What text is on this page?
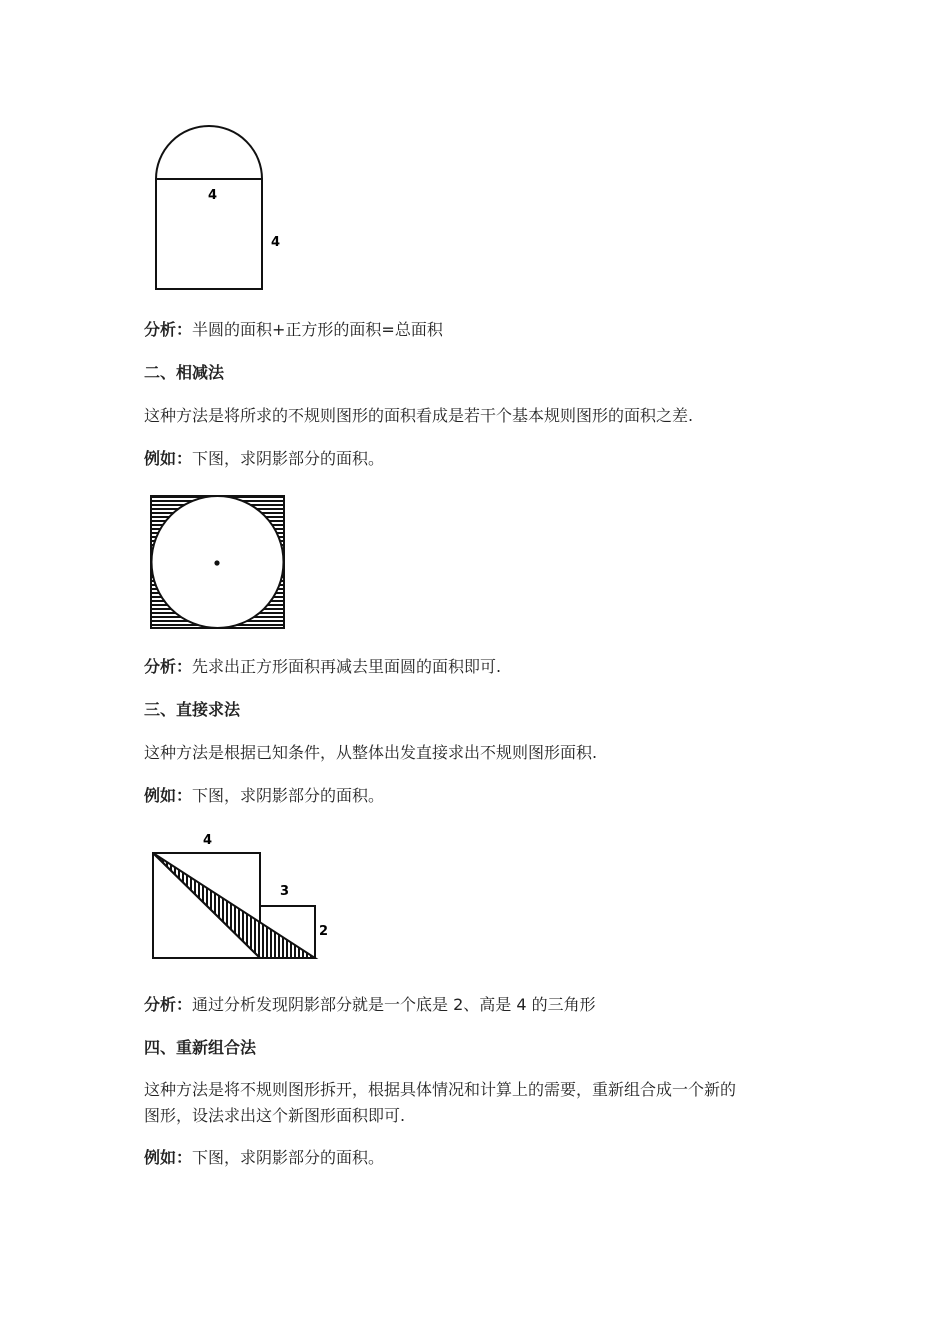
4
4
分析：半圆的面积+正方形的面积=总面积
二、相减法
这种方法是将所求的不规则图形的面积看成是若干个基本规则图形的面积之差.
例如：下图，求阴影部分的面积。
分析：先求出正方形面积再减去里面圆的面积即可.
三、直接求法
这种方法是根据已知条件，从整体出发直接求出不规则图形面积.
例如：下图，求阴影部分的面积。
4
3
2
分析：通过分析发现阴影部分就是一个底是 2、高是 4 的三角形
四、重新组合法
这种方法是将不规则图形拆开，根据具体情况和计算上的需要，重新组合成一个新的
图形，设法求出这个新图形面积即可.
例如：下图，求阴影部分的面积。
